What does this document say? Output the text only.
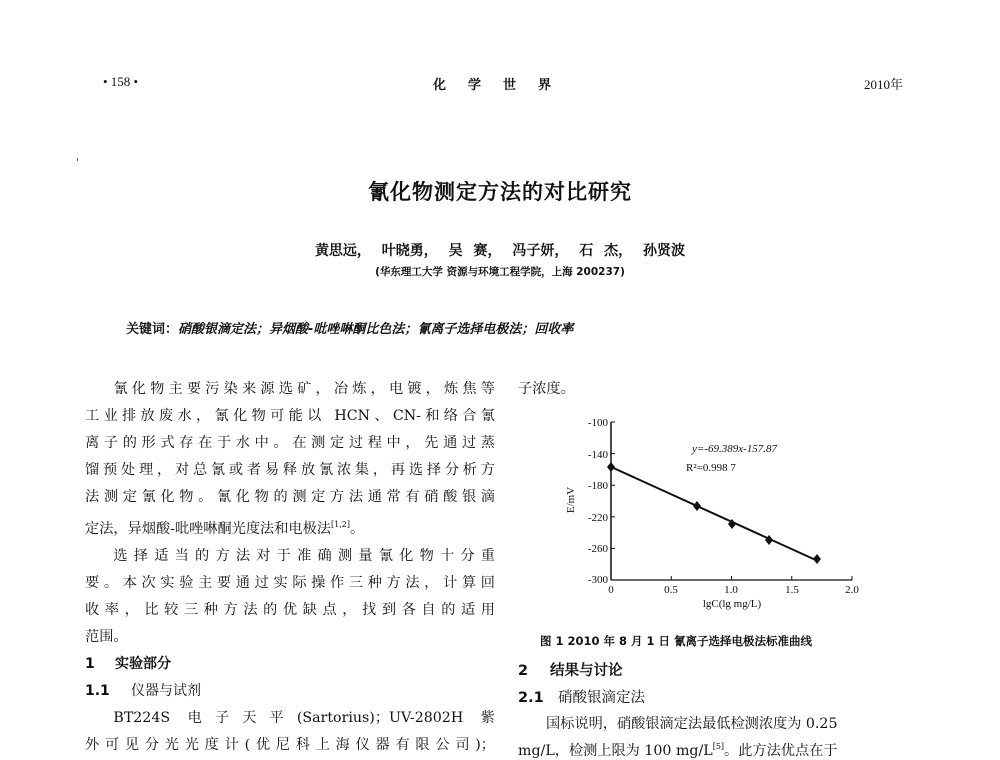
• 158 •	化学世界	2010年
氰化物测定方法的对比研究
黄思远， 叶晓勇， 吴 赛， 冯子妍， 石 杰， 孙贤波
(华东理工大学 资源与环境工程学院，上海 200237)
关键词：硝酸银滴定法；异烟酸-吡唑啉酮比色法；氰离子选择电极法；回收率

氰化物主要污染来源选矿，冶炼，电镀，炼焦等

工业排放废水，氰化物可能以 HCN、CN-和络合氰

离子的形式存在于水中。在测定过程中，先通过蒸

馏预处理，对总氰或者易释放氰浓集，再选择分析方

法测定氰化物。氰化物的测定方法通常有硝酸银滴

定法，异烟酸-吡唑啉酮光度法和电极法[1,2]。

选择适当的方法对于准确测量氰化物十分重

要。本次实验主要通过实际操作三种方法，计算回

收率，比较三种方法的优缺点，找到各自的适用

范围。

1 实验部分

1.1 仪器与试剂

BT224S 电子天平(Sartorius)；UV-2802H 紫

外可见分光光度计(优尼科上海仪器有限公司)；

子浓度。
-100
-140
-180
-220
-260
-300
0	0.5	1.0	1.5	2.0
lgC(lg mg/L)
E/mV
y=-69.389x-157.87
R²=0.998 7
图 1 2010 年 8 月 1 日 氰离子选择电极法标准曲线
2 结果与讨论
2.1 硝酸银滴定法
国标说明，硝酸银滴定法最低检测浓度为 0.25
mg/L，检测上限为 100 mg/L[5]。此方法优点在于
